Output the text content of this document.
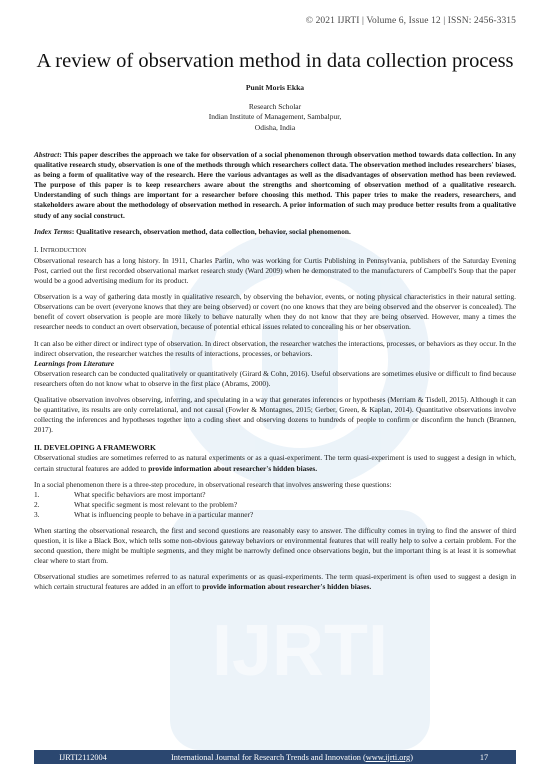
IJRTI
© 2021 IJRTI | Volume 6, Issue 12 | ISSN: 2456-3315
A review of observation method in data collection process
Punit Moris Ekka
Research Scholar
Indian Institute of Management, Sambalpur,
Odisha, India

Abstract: This paper describes the approach we take for observation of a social phenomenon through observation method towards data collection. In any qualitative research study, observation is one of the methods through which researchers collect data. The observation method includes researchers' biases, as being a form of qualitative way of the research. Here the various advantages as well as the disadvantages of observation method has been reviewed. The purpose of this paper is to keep researchers aware about the strengths and shortcoming of observation method of a qualitative research. Understanding of such things are important for a researcher before choosing this method. This paper tries to make the readers, researchers, and stakeholders aware about the methodology of observation method in research. A prior information of such may produce better results from a qualitative study of any social construct.

Index Terms: Qualitative research, observation method, data collection, behavior, social phenomenon.

I. INTRODUCTION

Observational research has a long history. In 1911, Charles Parlin, who was working for Curtis Publishing in Pennsylvania, publishers of the Saturday Evening Post, carried out the first recorded observational market research study (Ward 2009) when he demonstrated to the manufacturers of Campbell's Soup that the paper would be a good advertising medium for its product.

Observation is a way of gathering data mostly in qualitative research, by observing the behavior, events, or noting physical characteristics in their natural setting. Observations can be overt (everyone knows that they are being observed) or covert (no one knows that they are being observed and the observer is concealed). The benefit of covert observation is people are more likely to behave naturally when they do not know that they are being observed. However, many a times the researcher needs to conduct an overt observation, because of potential ethical issues related to concealing his or her observation.

It can also be either direct or indirect type of observation. In direct observation, the researcher watches the interactions, processes, or behaviors as they occur. In the indirect observation, the researcher watches the results of interactions, processes, or behaviors.

Learnings from Literature

Observation research can be conducted qualitatively or quantitatively (Girard & Cohn, 2016). Useful observations are sometimes elusive or difficult to find because researchers often do not know what to observe in the first place (Abrams, 2000).

Qualitative observation involves observing, inferring, and speculating in a way that generates inferences or hypotheses (Merriam & Tisdell, 2015). Although it can be quantitative, its results are only correlational, and not causal (Fowler & Montagnes, 2015; Gerber, Green, & Kaplan, 2014). Quantitative observations involve collecting the inferences and hypotheses together into a coding sheet and observing dozens to hundreds of people to confirm or disconfirm the hunch (Brannen, 2017).

II. DEVELOPING A FRAMEWORK

Observational studies are sometimes referred to as natural experiments or as a quasi-experiment. The term quasi-experiment is used to suggest a design in which, certain structural features are added to provide information about researcher's hidden biases.

In a social phenomenon there is a three-step procedure, in observational research that involves answering these questions:

1.	What specific behaviors are most important?
2.	What specific segment is most relevant to the problem?
3.	What is influencing people to behave in a particular manner?

When starting the observational research, the first and second questions are reasonably easy to answer. The difficulty comes in trying to find the answer of third question, it is like a Black Box, which tells some non-obvious gateway behaviors or environmental features that will really help to solve a certain problem. For the second question, there might be multiple segments, and they might be narrowly defined once observations begin, but the important thing is at least it is somewhat clear where to start from.

Observational studies are sometimes referred to as natural experiments or as quasi-experiments. The term quasi-experiment is often used to suggest a design in which certain structural features are added in an effort to provide information about researcher's hidden biases.

IJRTI2112004	International Journal for Research Trends and Innovation (www.ijrti.org)	17
